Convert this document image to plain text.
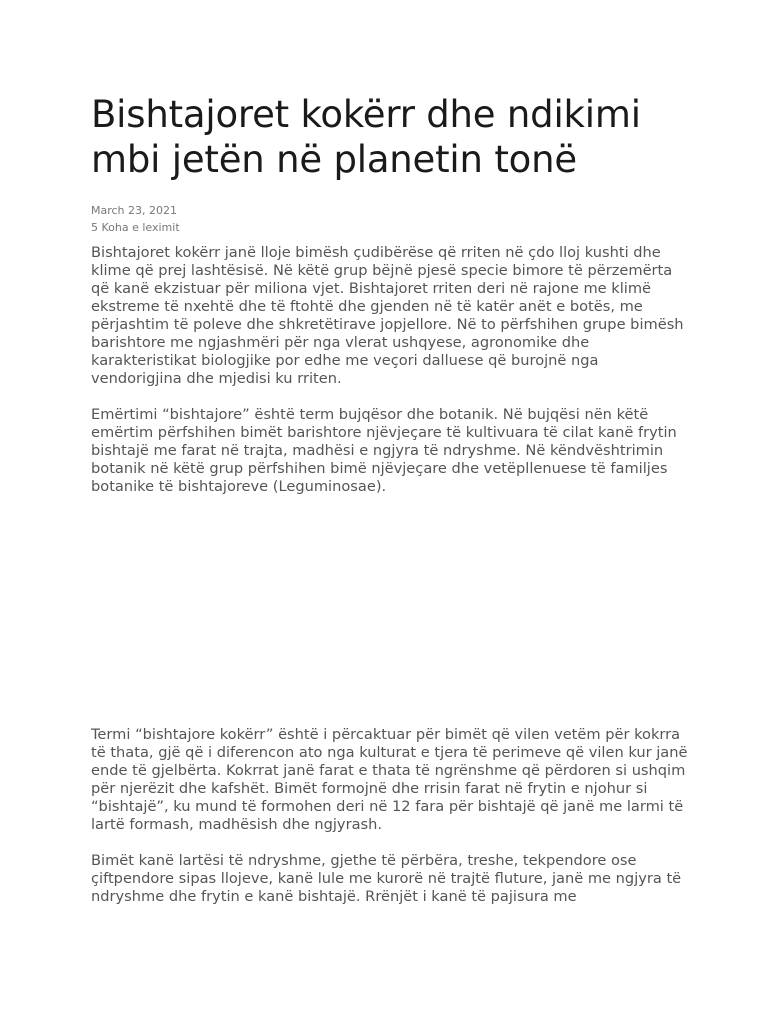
Bishtajoret kokërr dhe ndikimi mbi jetën në planetin tonë
March 23, 2021
5 Koha e leximit

Bishtajoret kokërr janë lloje bimësh çudibërëse që rriten në çdo lloj kushti dhe klime që prej lashtësisë. Në këtë grup bëjnë pjesë specie bimore të përzemërta që kanë ekzistuar për miliona vjet. Bishtajoret rriten deri në rajone me klimë ekstreme të nxehtë dhe të ftohtë dhe gjenden në të katër anët e botës, me përjashtim të poleve dhe shkretëtirave jopjellore. Në to përfshihen grupe bimësh barishtore me ngjashmëri për nga vlerat ushqyese, agronomike dhe karakteristikat biologjike por edhe me veçori dalluese që burojnë nga vendorigjina dhe mjedisi ku rriten.

Emërtimi “bishtajore” është term bujqësor dhe botanik. Në bujqësi nën këtë emërtim përfshihen bimët barishtore njëvjeçare të kultivuara të cilat kanë frytin bishtajë me farat në trajta, madhësi e ngjyra të ndryshme. Në këndvështrimin botanik në këtë grup përfshihen bimë njëvjeçare dhe vetëpllenuese të familjes botanike të bishtajoreve (Leguminosae).

Termi “bishtajore kokërr” është i përcaktuar për bimët që vilen vetëm për kokrra të thata, gjë që i diferencon ato nga kulturat e tjera të perimeve që vilen kur janë ende të gjelbërta. Kokrrat janë farat e thata të ngrënshme që përdoren si ushqim për njerëzit dhe kafshët. Bimët formojnë dhe rrisin farat në frytin e njohur si “bishtajë”, ku mund të formohen deri në 12 fara për bishtajë që janë me larmi të lartë formash, madhësish dhe ngjyrash.

Bimët kanë lartësi të ndryshme, gjethe të përbëra, treshe, tekpendore ose çiftpendore sipas llojeve, kanë lule me kurorë në trajtë fluture, janë me ngjyra të ndryshme dhe frytin e kanë bishtajë. Rrënjët i kanë të pajisura me
